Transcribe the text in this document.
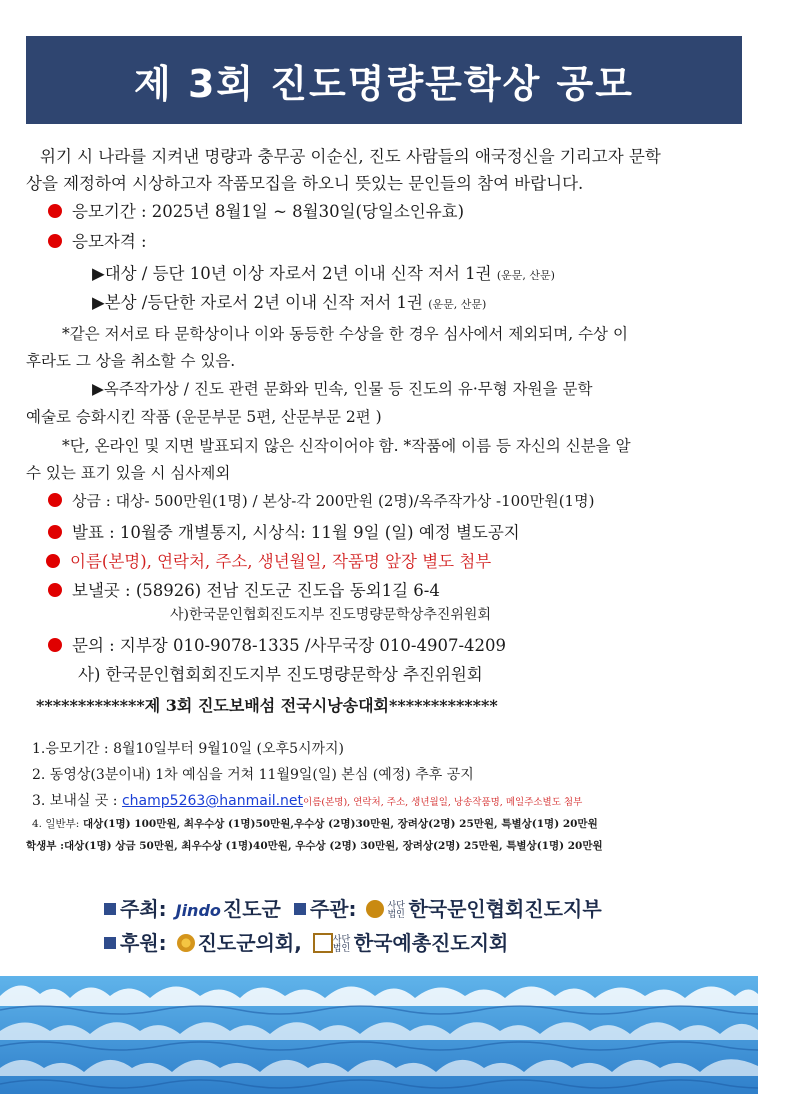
제 3회 진도명량문학상 공모
위기 시 나라를 지켜낸 명량과 충무공 이순신, 진도 사람들의 애국정신을 기리고자 문학
상을 제정하여 시상하고자 작품모집을 하오니 뜻있는 문인들의 참여 바랍니다.
응모기간 : 2025년 8월1일 ~ 8월30일(당일소인유효)
응모자격 :
▶대상 / 등단 10년 이상 자로서 2년 이내 신작 저서 1권 (운문, 산문)
▶본상 /등단한 자로서 2년 이내 신작 저서 1권 (운문, 산문)
*같은 저서로 타 문학상이나 이와 동등한 수상을 한 경우 심사에서 제외되며, 수상 이
후라도 그 상을 취소할 수 있음.
▶옥주작가상 / 진도 관련 문화와 민속, 인물 등 진도의 유·무형 자원을 문학
예술로 승화시킨 작품 (운문부문 5편, 산문부문 2편 )
*단, 온라인 및 지면 발표되지 않은 신작이어야 함. *작품에 이름 등 자신의 신분을 알
수 있는 표기 있을 시 심사제외
상금 : 대상- 500만원(1명) / 본상-각 200만원 (2명)/옥주작가상 -100만원(1명)
발표 : 10월중 개별통지, 시상식: 11월 9일 (일) 예정 별도공지
이름(본명), 연락처, 주소, 생년월일, 작품명 앞장 별도 첨부
보낼곳 : (58926) 전남 진도군 진도읍 동외1길 6-4
사)한국문인협회진도지부 진도명량문학상추진위원회
문의 : 지부장 010-9078-1335 /사무국장 010-4907-4209
사) 한국문인협회회진도지부 진도명량문학상 추진위원회
*************제 3회 진도보배섬 전국시낭송대회*************
1.응모기간 : 8월10일부터 9월10일 (오후5시까지)
2. 동영상(3분이내) 1차 예심을 거쳐 11월9일(일) 본심 (예정) 추후 공지
3. 보내실 곳 : champ5263@hanmail.net이름(본명), 연락처, 주소, 생년월일, 낭송작품명, 메일주소별도 첨부
4. 일반부: 대상(1명) 100만원, 최우수상 (1명)50만원,우수상 (2명)30만원, 장려상(2명) 25만원, 특별상(1명) 20만원
학생부 :대상(1명) 상금 50만원, 최우수상 (1명)40만원, 우수상 (2명) 30만원, 장려상(2명) 25만원, 특별상(1명) 20만원
주최: Jindo 진도군 주관:	사단 법인 한국문인협회진도지부
후원: 진도군의회,	사단 법인 한국예총진도지회
